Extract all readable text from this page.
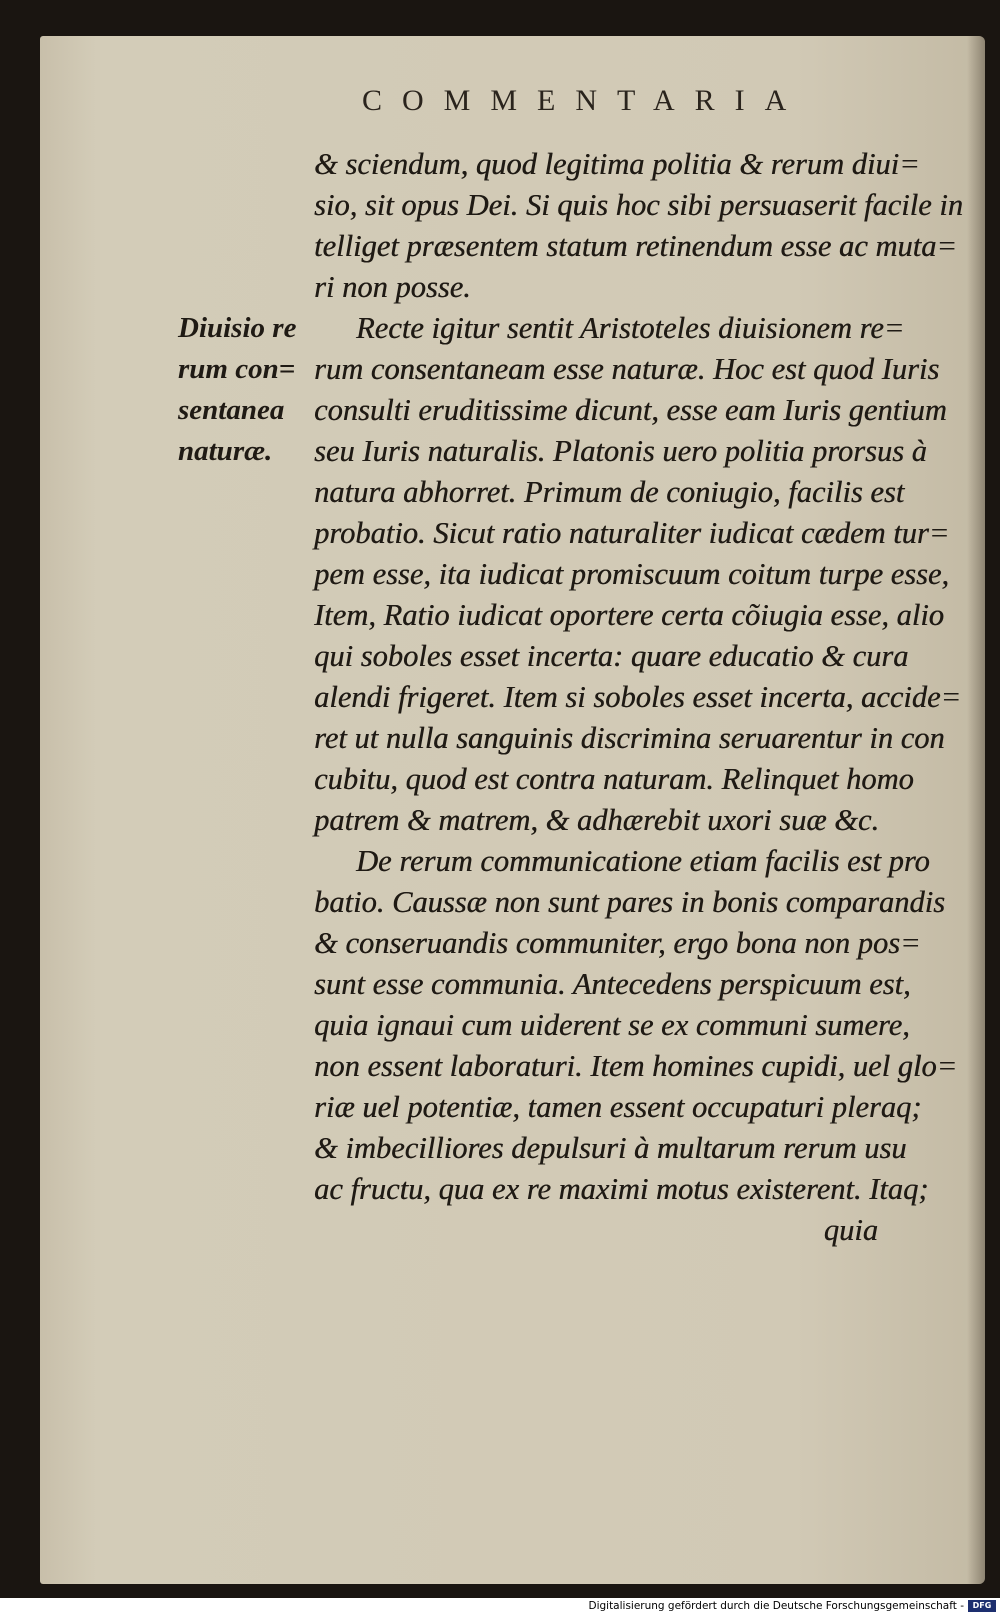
COMMENTARIA
Diuisio re
rum con=
sentanea
naturæ.
& sciendum, quod legitima politia & rerum diui=
sio, sit opus Dei. Si quis hoc sibi persuaserit facile in
telliget præsentem statum retinendum esse ac muta=
ri non posse.
Recte igitur sentit Aristoteles diuisionem re=
rum consentaneam esse naturæ. Hoc est quod Iuris
consulti eruditissime dicunt, esse eam Iuris gentium
seu Iuris naturalis. Platonis uero politia prorsus à
natura abhorret. Primum de coniugio, facilis est
probatio. Sicut ratio naturaliter iudicat cædem tur=
pem esse, ita iudicat promiscuum coitum turpe esse,
Item, Ratio iudicat oportere certa cõiugia esse, alio
qui soboles esset incerta: quare educatio & cura
alendi frigeret. Item si soboles esset incerta, accide=
ret ut nulla sanguinis discrimina seruarentur in con
cubitu, quod est contra naturam. Relinquet homo
patrem & matrem, & adhærebit uxori suæ &c.
De rerum communicatione etiam facilis est pro
batio. Caussæ non sunt pares in bonis comparandis
& conseruandis communiter, ergo bona non pos=
sunt esse communia. Antecedens perspicuum est,
quia ignaui cum uiderent se ex communi sumere,
non essent laboraturi. Item homines cupidi, uel glo=
riæ uel potentiæ, tamen essent occupaturi pleraq;
& imbecilliores depulsuri à multarum rerum usu
ac fructu, qua ex re maximi motus existerent. Itaq;
quia
Digitalisierung gefördert durch die Deutsche Forschungsgemeinschaft -	DFG
